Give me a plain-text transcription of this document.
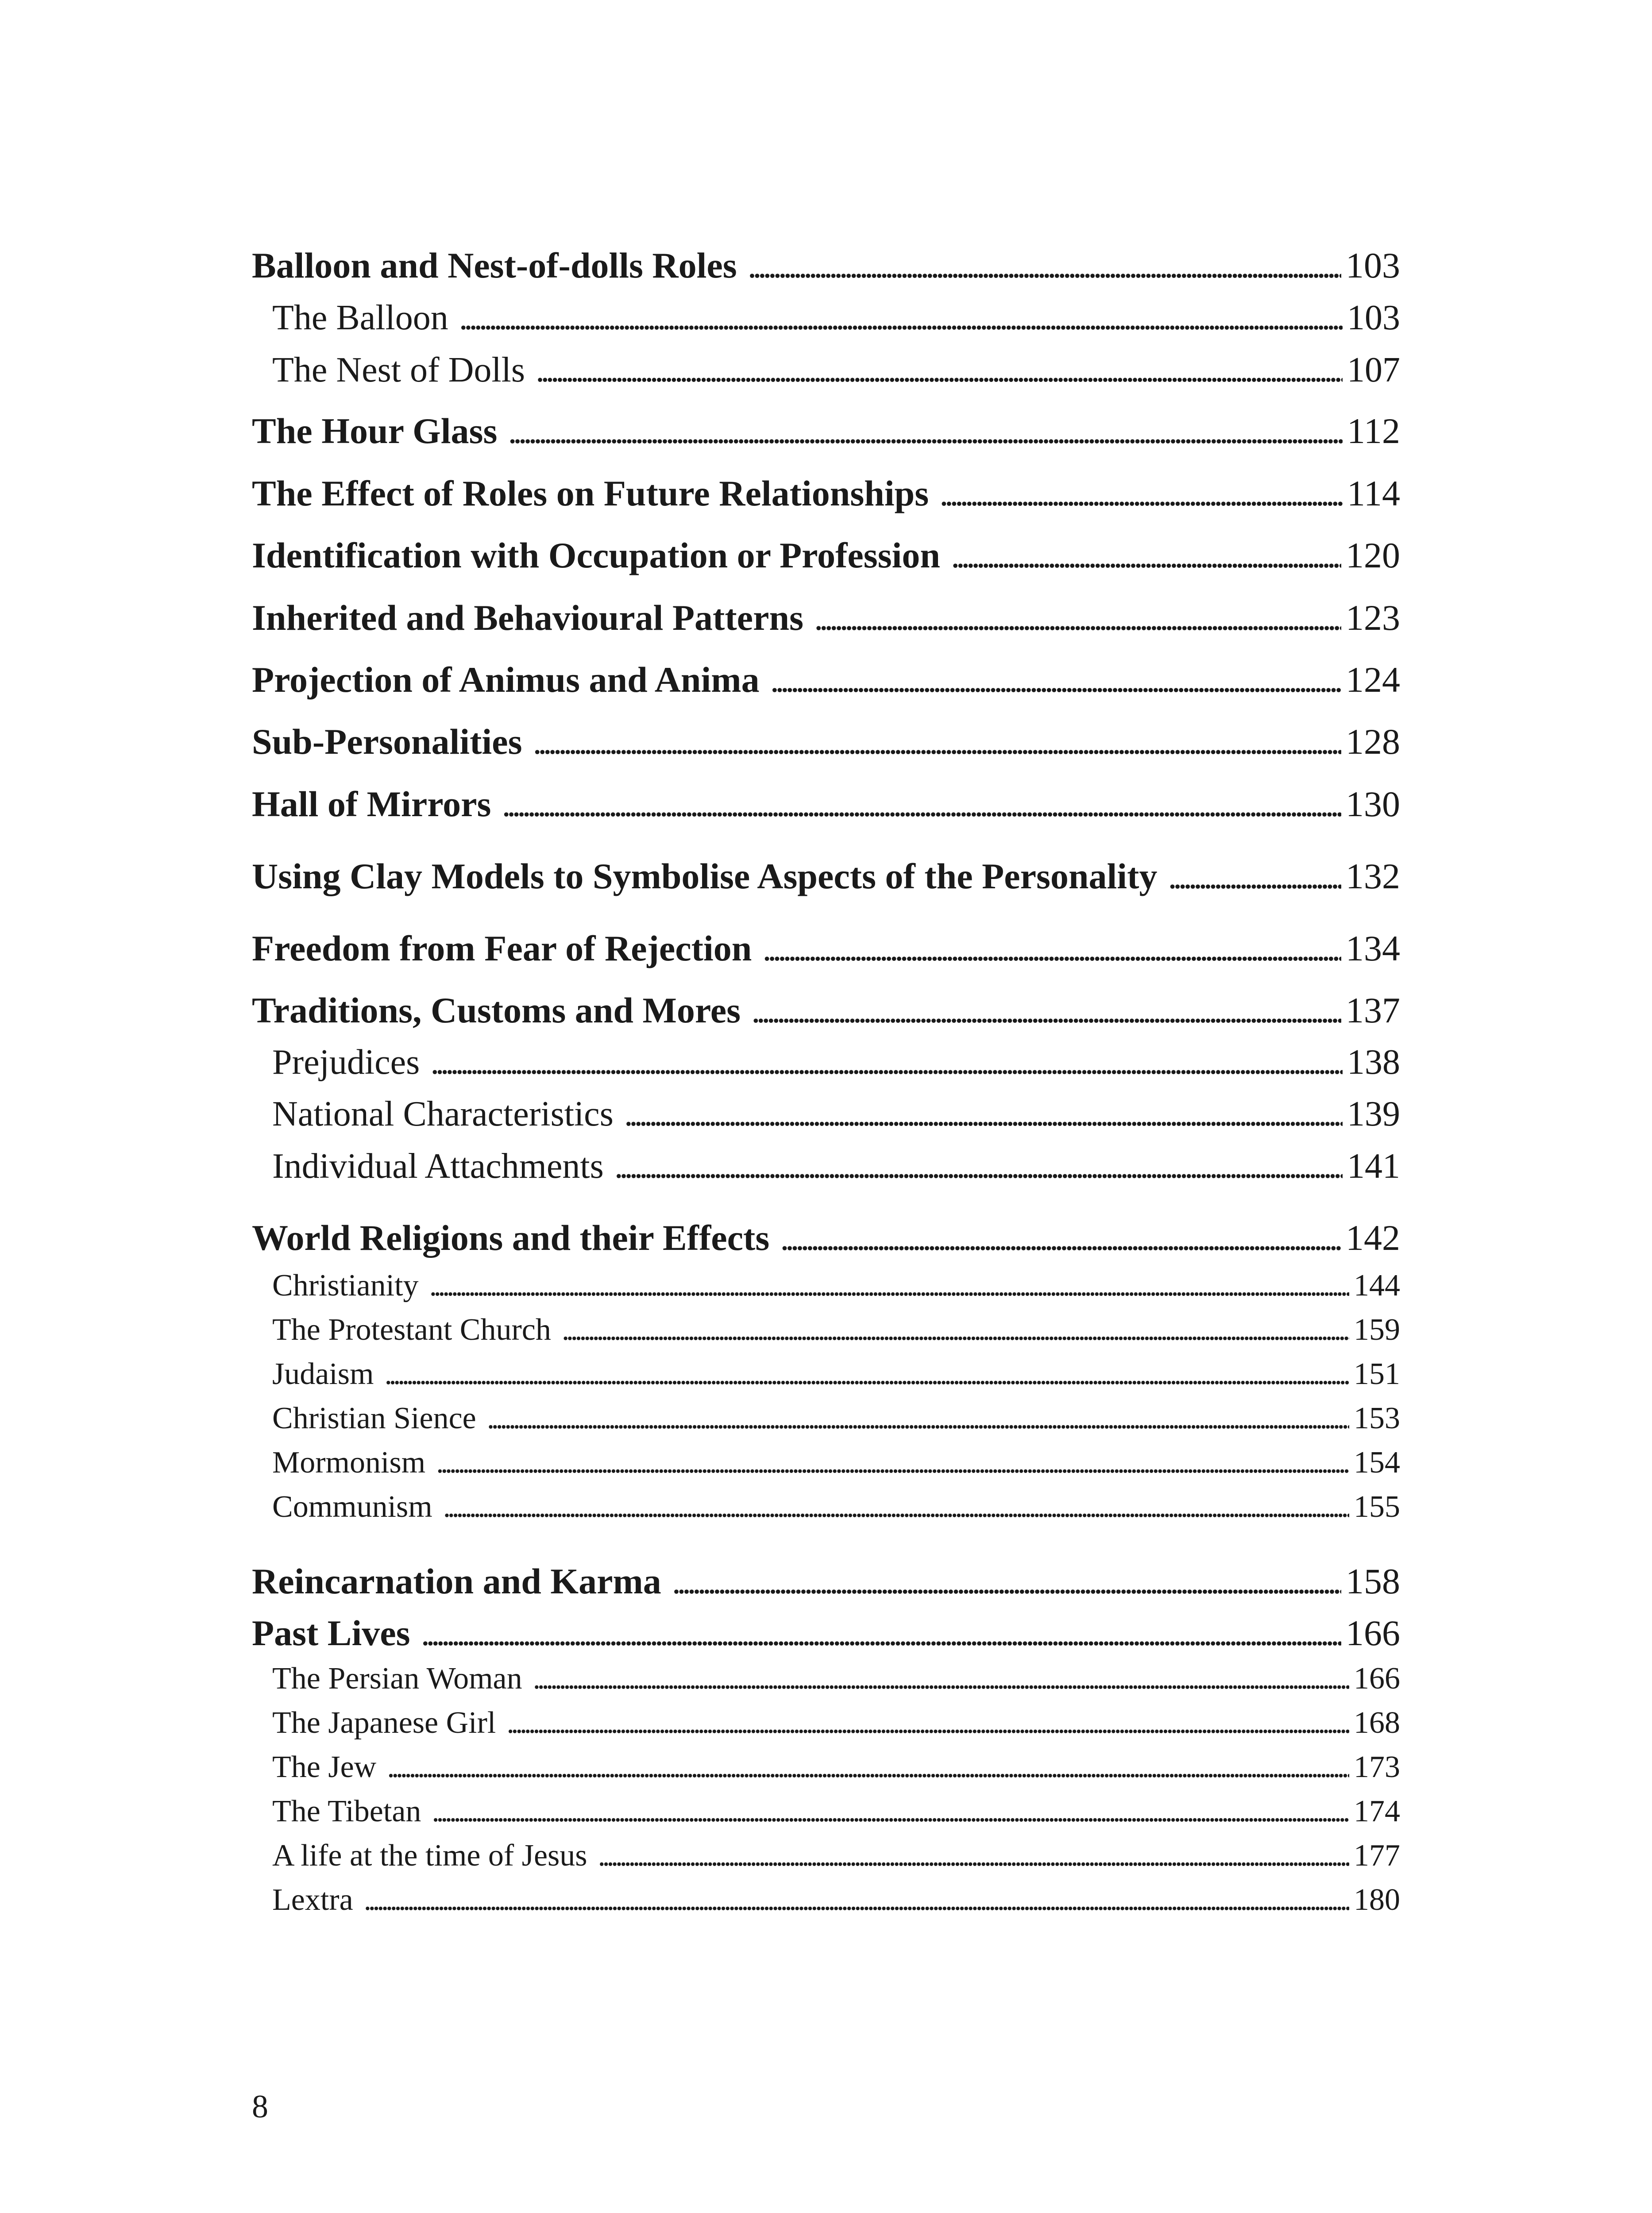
Balloon and Nest-of-dolls Roles . . .	103
The Balloon . . .	103
The Nest of Dolls . . .	107
The Hour Glass . . .	112
The Effect of Roles on Future Relationships . . .	114
Identification with Occupation or Profession . . .	120
Inherited and Behavioural Patterns . . .	123
Projection of Animus and Anima . . .	124
Sub-Personalities . . .	128
Hall of Mirrors . . .	130
Using Clay Models to Symbolise Aspects of the Personality . . .	132
Freedom from Fear of Rejection . . .	134
Traditions, Customs and Mores . . .	137
Prejudices . . .	138
National Characteristics . . .	139
Individual Attachments . . .	141
World Religions and their Effects . . .	142
Christianity . . .	144
The Protestant Church . . .	159
Judaism . . .	151
Christian Sience . . .	153
Mormonism . . .	154
Communism . . .	155
Reincarnation and Karma . . .	158
Past Lives . . .	166
The Persian Woman . . .	166
The Japanese Girl . . .	168
The Jew . . .	173
The Tibetan . . .	174
A life at the time of Jesus . . .	177
Lextra . . .	180
8
